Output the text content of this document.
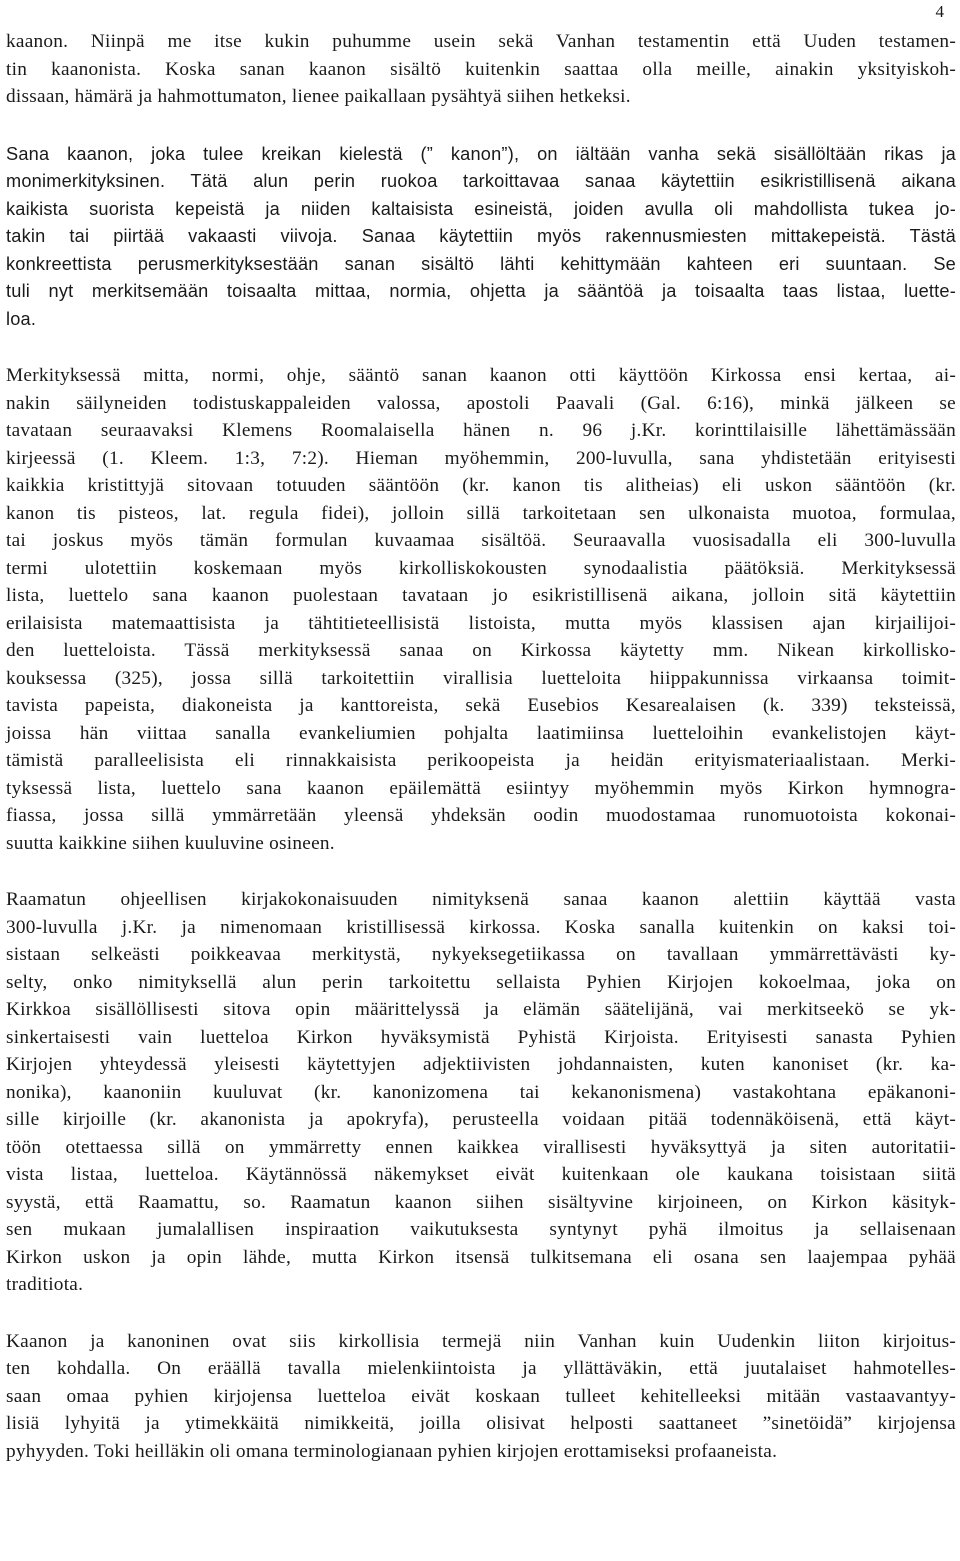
4
kaanon. Niinpä me itse kukin puhumme usein sekä Vanhan testamentin että Uuden testamen-
tin kaanonista. Koska sanan kaanon sisältö kuitenkin saattaa olla meille, ainakin yksityiskoh-
dissaan, hämärä ja hahmottumaton, lienee paikallaan pysähtyä siihen hetkeksi.
Sana kaanon, joka tulee kreikan kielestä (” kanon”), on iältään vanha sekä sisällöltään rikas ja
monimerkityksinen. Tätä alun perin ruokoa tarkoittavaa sanaa käytettiin esikristillisenä aikana
kaikista suorista kepeistä ja niiden kaltaisista esineistä, joiden avulla oli mahdollista tukea jo-
takin tai piirtää vakaasti viivoja. Sanaa käytettiin myös rakennusmiesten mittakepeistä. Tästä
konkreettista perusmerkityksestään sanan sisältö lähti kehittymään kahteen eri suuntaan. Se
tuli nyt merkitsemään toisaalta mittaa, normia, ohjetta ja sääntöä ja toisaalta taas listaa, luette-
loa.
Merkityksessä mitta, normi, ohje, sääntö sanan kaanon otti käyttöön Kirkossa ensi kertaa, ai-
nakin säilyneiden todistuskappaleiden valossa, apostoli Paavali (Gal. 6:16), minkä jälkeen se
tavataan seuraavaksi Klemens Roomalaisella hänen n. 96 j.Kr. korinttilaisille lähettämässään
kirjeessä (1. Kleem. 1:3, 7:2). Hieman myöhemmin, 200-luvulla, sana yhdistetään erityisesti
kaikkia kristittyjä sitovaan totuuden sääntöön (kr. kanon tis alitheias) eli uskon sääntöön (kr.
kanon tis pisteos, lat. regula fidei), jolloin sillä tarkoitetaan sen ulkonaista muotoa, formulaa,
tai joskus myös tämän formulan kuvaamaa sisältöä. Seuraavalla vuosisadalla eli 300-luvulla
termi ulotettiin koskemaan myös kirkolliskokousten synodaalistia päätöksiä. Merkityksessä
lista, luettelo sana kaanon puolestaan tavataan jo esikristillisenä aikana, jolloin sitä käytettiin
erilaisista matemaattisista ja tähtitieteellisistä listoista, mutta myös klassisen ajan kirjailijoi-
den luetteloista. Tässä merkityksessä sanaa on Kirkossa käytetty mm. Nikean kirkollisko-
kouksessa (325), jossa sillä tarkoitettiin virallisia luetteloita hiippakunnissa virkaansa toimit-
tavista papeista, diakoneista ja kanttoreista, sekä Eusebios Kesarealaisen (k. 339) teksteissä,
joissa hän viittaa sanalla evankeliumien pohjalta laatimiinsa luetteloihin evankelistojen käyt-
tämistä paralleelisista eli rinnakkaisista perikoopeista ja heidän erityismateriaalistaan. Merki-
tyksessä lista, luettelo sana kaanon epäilemättä esiintyy myöhemmin myös Kirkon hymnogra-
fiassa, jossa sillä ymmärretään yleensä yhdeksän oodin muodostamaa runomuotoista kokonai-
suutta kaikkine siihen kuuluvine osineen.
Raamatun ohjeellisen kirjakokonaisuuden nimityksenä sanaa kaanon alettiin käyttää vasta
300-luvulla j.Kr. ja nimenomaan kristillisessä kirkossa. Koska sanalla kuitenkin on kaksi toi-
sistaan selkeästi poikkeavaa merkitystä, nykyeksegetiikassa on tavallaan ymmärrettävästi ky-
selty, onko nimityksellä alun perin tarkoitettu sellaista Pyhien Kirjojen kokoelmaa, joka on
Kirkkoa sisällöllisesti sitova opin määrittelyssä ja elämän säätelijänä, vai merkitseekö se yk-
sinkertaisesti vain luetteloa Kirkon hyväksymistä Pyhistä Kirjoista. Erityisesti sanasta Pyhien
Kirjojen yhteydessä yleisesti käytettyjen adjektiivisten johdannaisten, kuten kanoniset (kr. ka-
nonika), kaanoniin kuuluvat (kr. kanonizomena tai kekanonismena) vastakohtana epäkanoni-
sille kirjoille (kr. akanonista ja apokryfa), perusteella voidaan pitää todennäköisenä, että käyt-
töön otettaessa sillä on ymmärretty ennen kaikkea virallisesti hyväksyttyä ja siten autoritatii-
vista listaa, luetteloa. Käytännössä näkemykset eivät kuitenkaan ole kaukana toisistaan siitä
syystä, että Raamattu, so. Raamatun kaanon siihen sisältyvine kirjoineen, on Kirkon käsityk-
sen mukaan jumalallisen inspiraation vaikutuksesta syntynyt pyhä ilmoitus ja sellaisenaan
Kirkon uskon ja opin lähde, mutta Kirkon itsensä tulkitsemana eli osana sen laajempaa pyhää
traditiota.
Kaanon ja kanoninen ovat siis kirkollisia termejä niin Vanhan kuin Uudenkin liiton kirjoitus-
ten kohdalla. On eräällä tavalla mielenkiintoista ja yllättäväkin, että juutalaiset hahmotelles-
saan omaa pyhien kirjojensa luetteloa eivät koskaan tulleet kehitelleeksi mitään vastaavantyy-
lisiä lyhyitä ja ytimekkäitä nimikkeitä, joilla olisivat helposti saattaneet ”sinetöidä” kirjojensa
pyhyyden. Toki heilläkin oli omana terminologianaan pyhien kirjojen erottamiseksi profaaneista.
